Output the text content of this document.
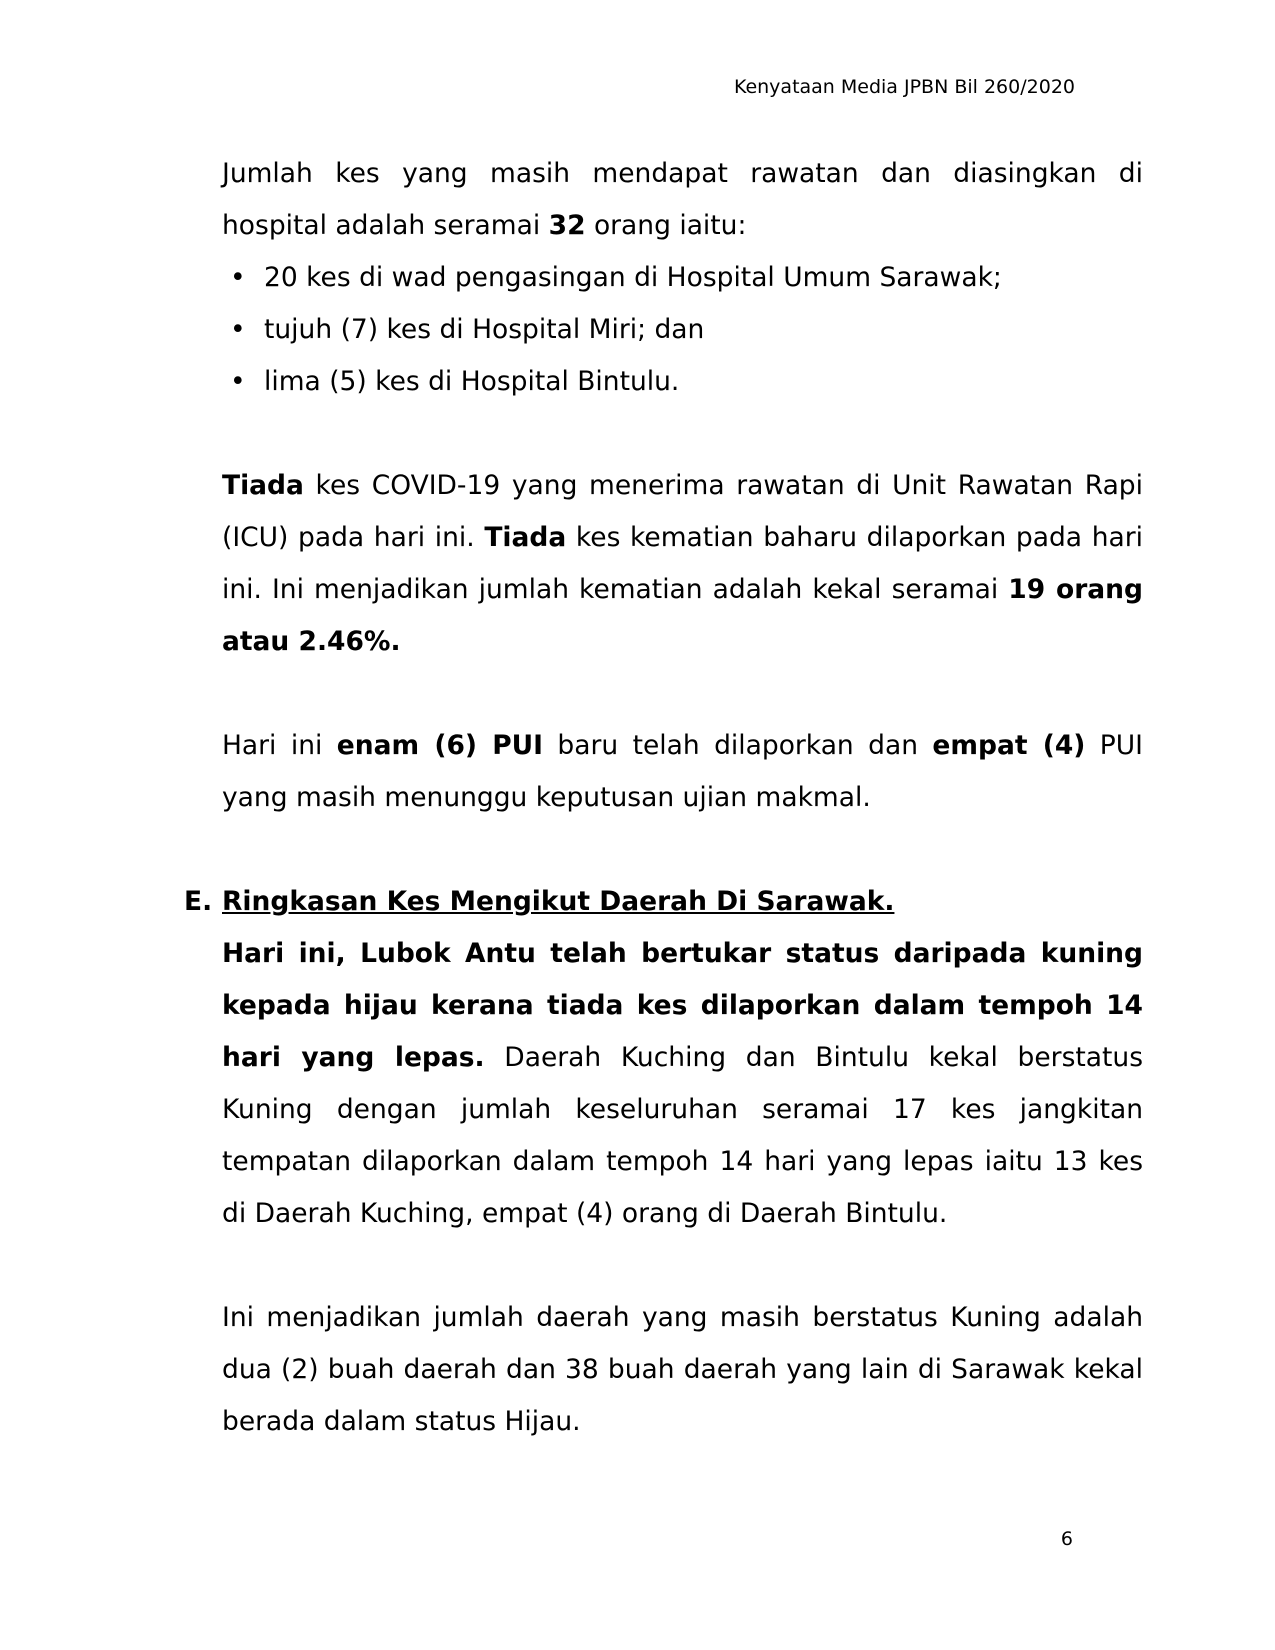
Kenyataan Media JPBN Bil 260/2020

Jumlah kes yang masih mendapat rawatan dan diasingkan di hospital adalah seramai 32 orang iaitu:

• 20 kes di wad pengasingan di Hospital Umum Sarawak;
• tujuh (7) kes di Hospital Miri; dan
• lima (5) kes di Hospital Bintulu.

Tiada kes COVID-19 yang menerima rawatan di Unit Rawatan Rapi (ICU) pada hari ini. Tiada kes kematian baharu dilaporkan pada hari ini. Ini menjadikan jumlah kematian adalah kekal seramai 19 orang atau 2.46%.

Hari ini enam (6) PUI baru telah dilaporkan dan empat (4) PUI yang masih menunggu keputusan ujian makmal.

E. Ringkasan Kes Mengikut Daerah Di Sarawak.

Hari ini, Lubok Antu telah bertukar status daripada kuning kepada hijau kerana tiada kes dilaporkan dalam tempoh 14 hari yang lepas. Daerah Kuching dan Bintulu kekal berstatus Kuning dengan jumlah keseluruhan seramai 17 kes jangkitan tempatan dilaporkan dalam tempoh 14 hari yang lepas iaitu 13 kes di Daerah Kuching, empat (4) orang di Daerah Bintulu.

Ini menjadikan jumlah daerah yang masih berstatus Kuning adalah dua (2) buah daerah dan 38 buah daerah yang lain di Sarawak kekal berada dalam status Hijau.

6
